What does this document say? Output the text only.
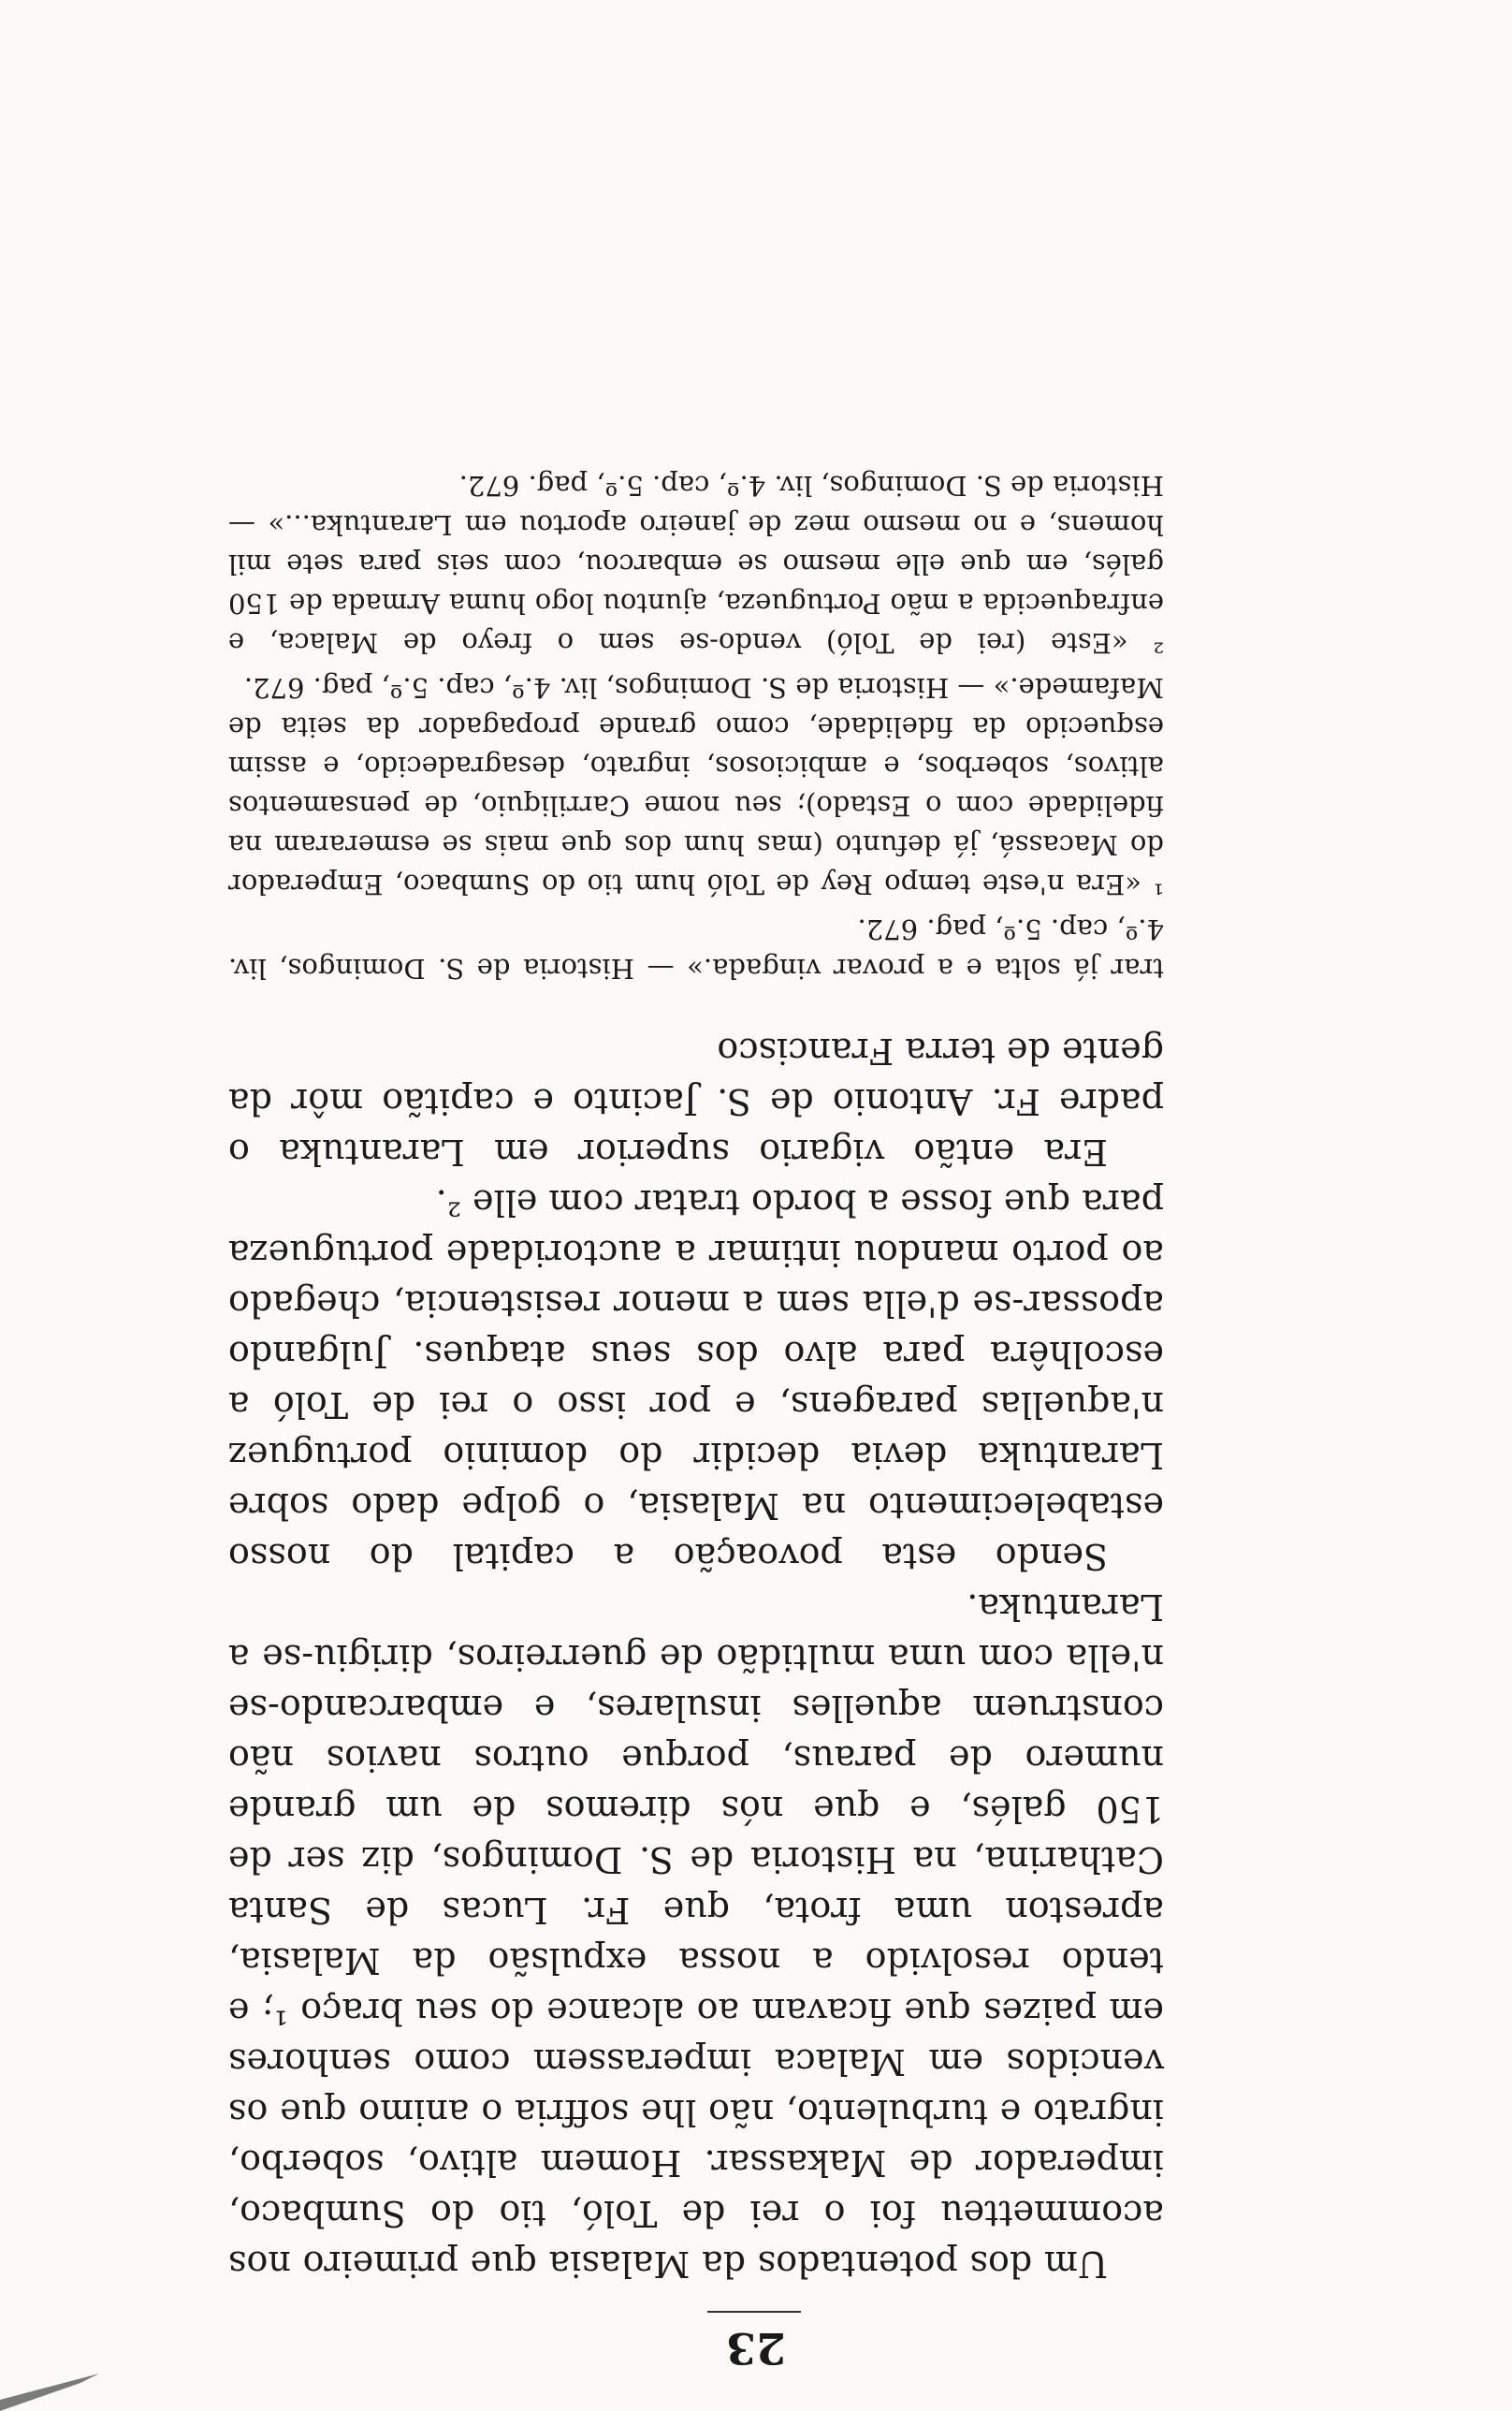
23

Um dos potentados da Malasia que primeiro nos acommetteu foi o rei de Toló, tio do Sumbaco, imperador de Makassar. Homem altivo, soberbo, ingrato e turbulento, não lhe soffria o animo que os vencidos em Malaca imperassem como senhores em paizes que ficavam ao alcance do seu braço ¹; e tendo resolvido a nossa expulsão da Malasia, apreston uma frota, que Fr. Lucas de Santa Catharina, na Historia de S. Domingos, diz ser de 150 galés, e que nós diremos de um grande numero de paraus, porque outros navios não construem aquelles insulares, e embarcando-se n'ella com uma multidão de guerreiros, dirigiu-se a Larantuka.

Sendo esta povoação a capital do nosso estabelecimento na Malasia, o golpe dado sobre Larantuka devia decidir do dominio portuguez n'aquellas paragens, e por isso o rei de Toló a escolhêra para alvo dos seus ataques. Julgando apossar-se d'ella sem a menor resistencia, chegado ao porto mandou intimar a auctoridade portugueza para que fosse a bordo tratar com elle ².

Era então vigario superior em Larantuka o padre Fr. Antonio de S. Jacinto e capitão môr da gente de terra Francisco

trar já solta e a provar vingada.» — Historia de S. Domingos, liv. 4.º, cap. 5.º, pag. 672.

¹ «Era n'este tempo Rey de Toló hum tio do Sumbaco, Emperador do Macassá, já defunto (mas hum dos que mais se esmeraram na fidelidade com o Estado); seu nome Carriliquio, de pensamentos altivos, soberbos, e ambiciosos, ingrato, desagradecido, e assim esquecido da fidelidade, como grande propagador da seita de Mafamede.» — Historia de S. Domingos, liv. 4.º, cap. 5.º, pag. 672.

² «Este (rei de Toló) vendo-se sem o freyo de Malaca, e enfraquecida a mão Portugueza, ajuntou logo huma Armada de 150 galés, em que elle mesmo se embarcou, com seis para sete mil homens, e no mesmo mez de janeiro aportou em Larantuka...» — Historia de S. Domingos, liv. 4.º, cap. 5.º, pag. 672.
